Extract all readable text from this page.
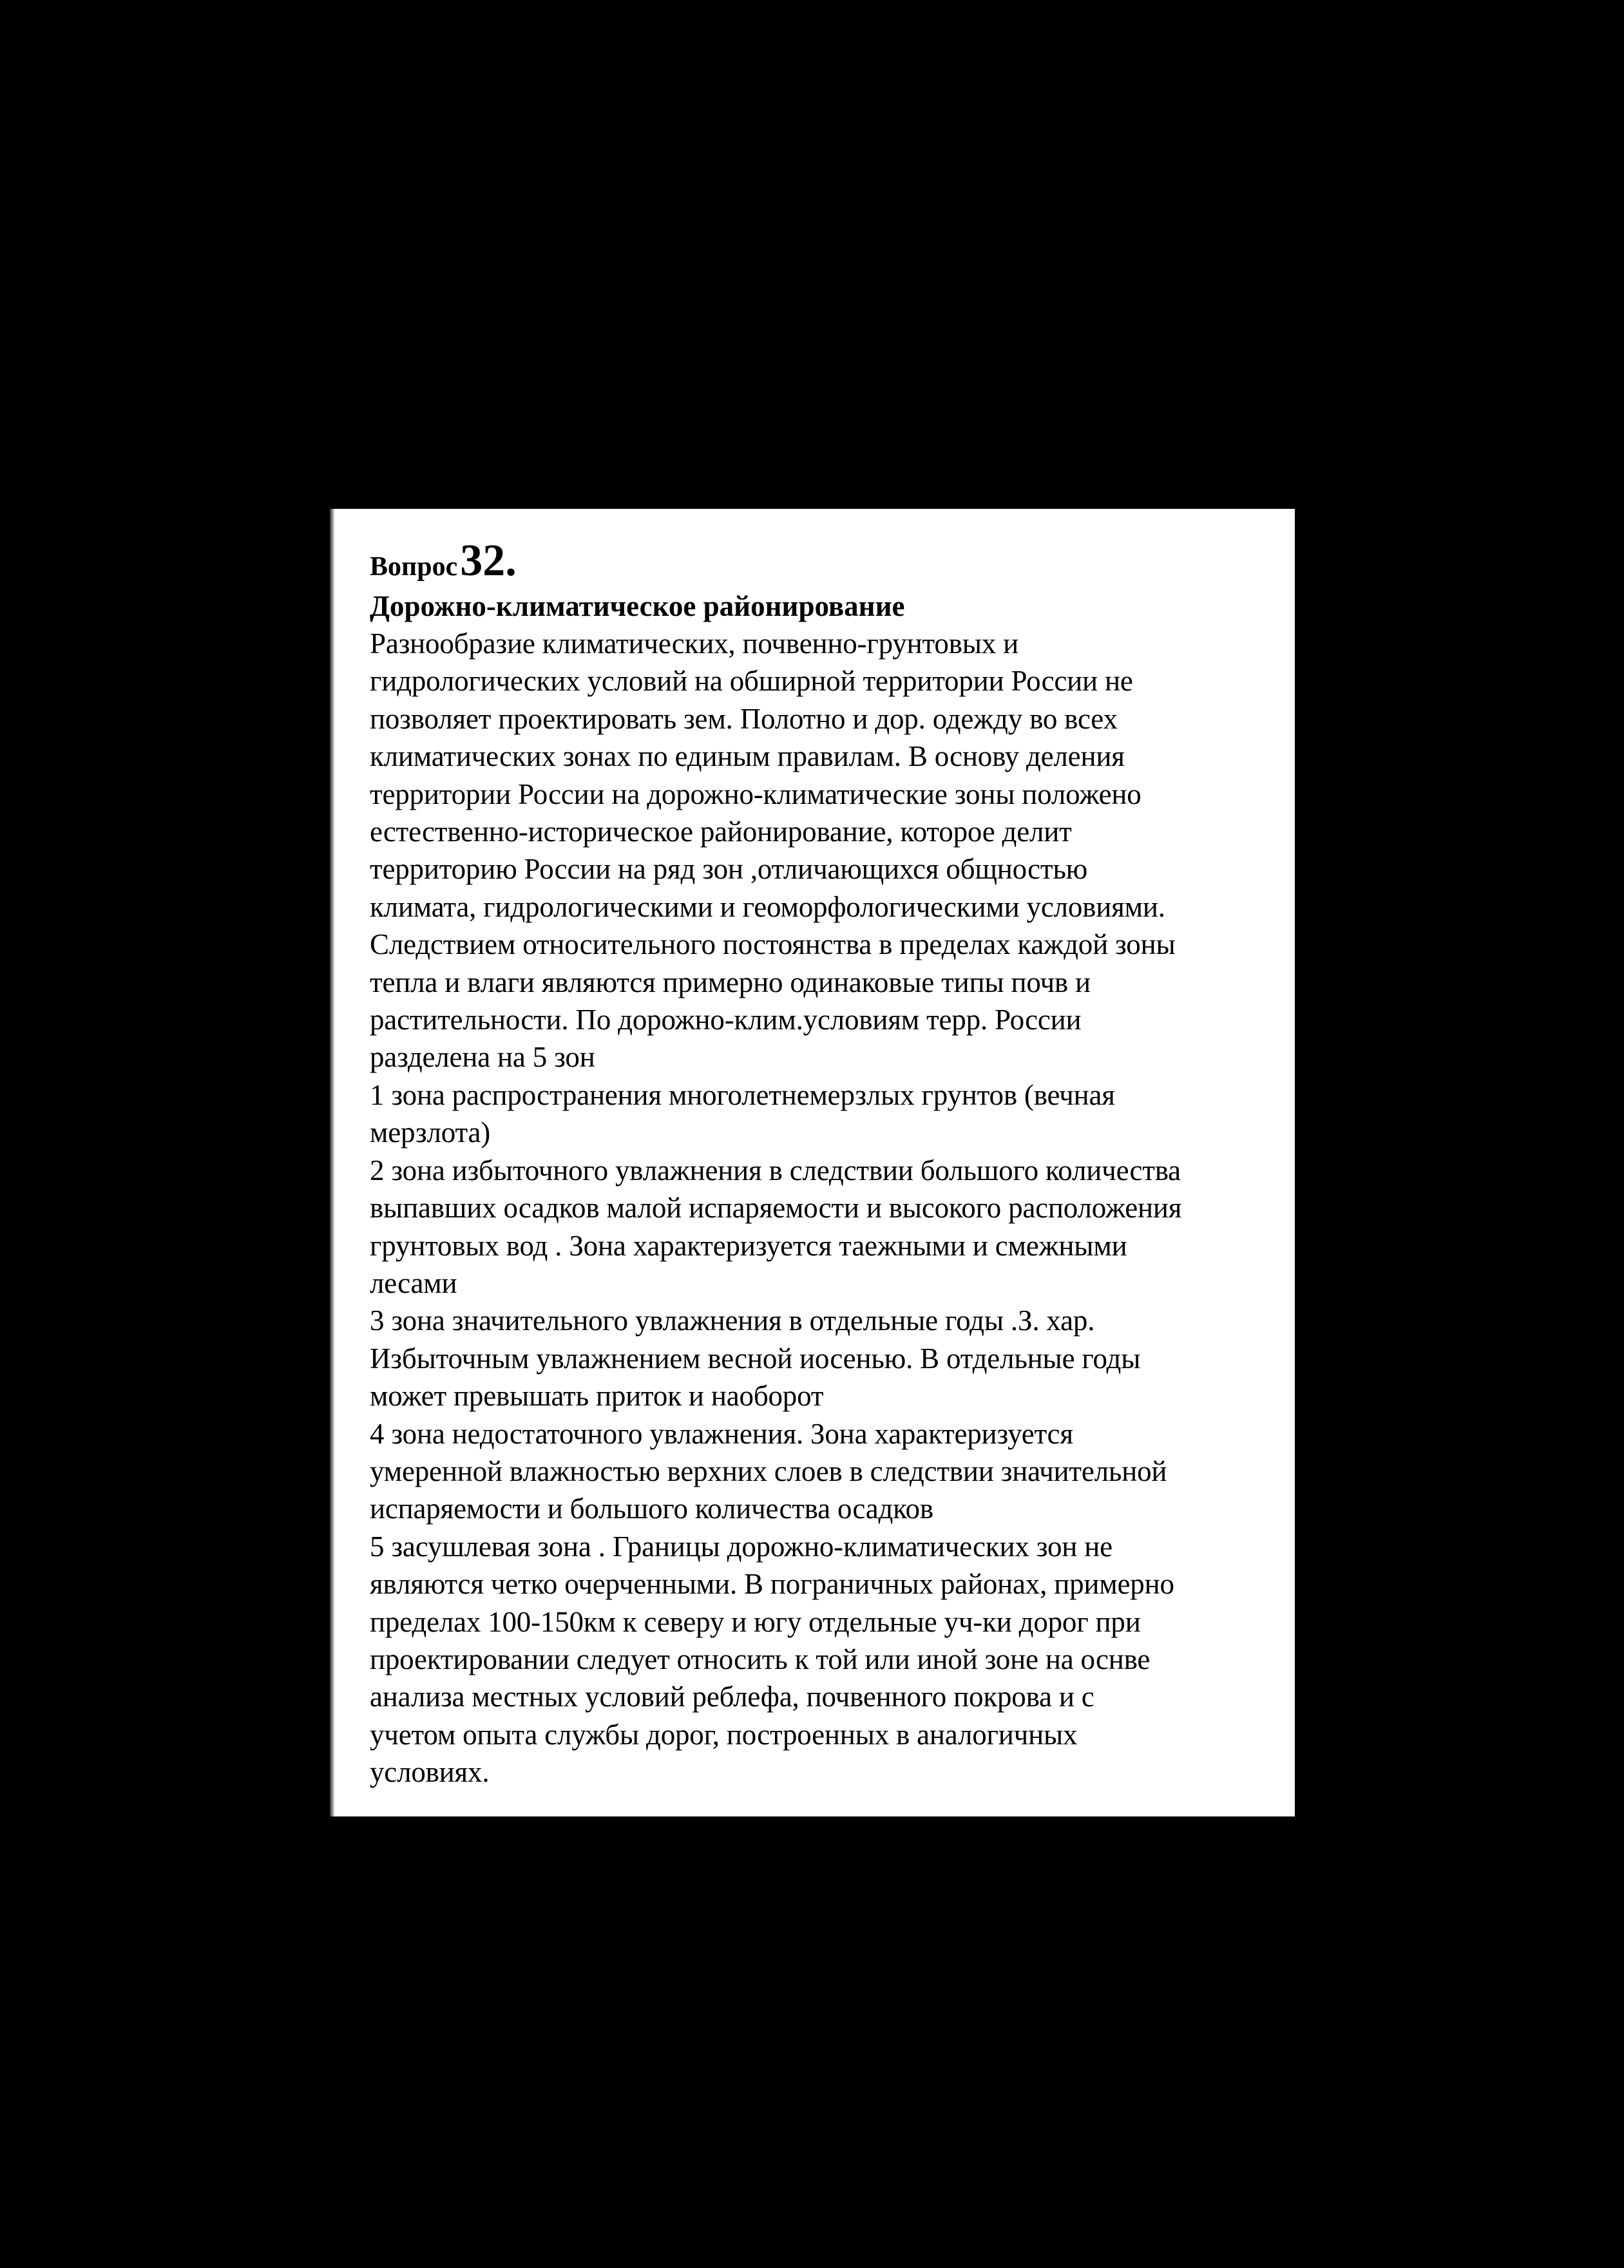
Вопрос 32.

Дорожно-климатическое районирование

Разнообразие климатических, почвенно-грунтовых и

гидрологических условий на обширной территории России не

позволяет проектировать зем. Полотно и дор. одежду во всех

климатических зонах по единым правилам. В основу деления

территории России на дорожно-климатические зоны положено

естественно-историческое районирование, которое делит

территорию России на ряд зон ,отличающихся общностью

климата, гидрологическими и геоморфологическими условиями.

Следствием относительного постоянства в пределах каждой зоны

тепла и влаги являются примерно одинаковые типы почв и

растительности. По дорожно-клим.условиям терр. России

разделена на 5 зон

1 зона распространения многолетнемерзлых грунтов (вечная

мерзлота)

2 зона избыточного увлажнения в следствии большого количества

выпавших осадков малой испаряемости и высокого расположения

грунтовых вод . Зона характеризуется таежными и смежными

лесами

3 зона значительного увлажнения в отдельные годы .З. хар.

Избыточным увлажнением весной иосенью. В отдельные годы

может превышать приток и наоборот

4 зона недостаточного увлажнения. Зона характеризуется

умеренной влажностью верхних слоев в следствии значительной

испаряемости и большого количества осадков

5 засушлевая зона . Границы дорожно-климатических зон не

являются четко очерченными. В пограничных районах, примерно

пределах 100-150км к северу и югу отдельные уч-ки дорог при

проектировании следует относить к той или иной зоне на оснве

анализа местных условий реблефа, почвенного покрова и с

учетом опыта службы дорог, построенных в аналогичных

условиях.
